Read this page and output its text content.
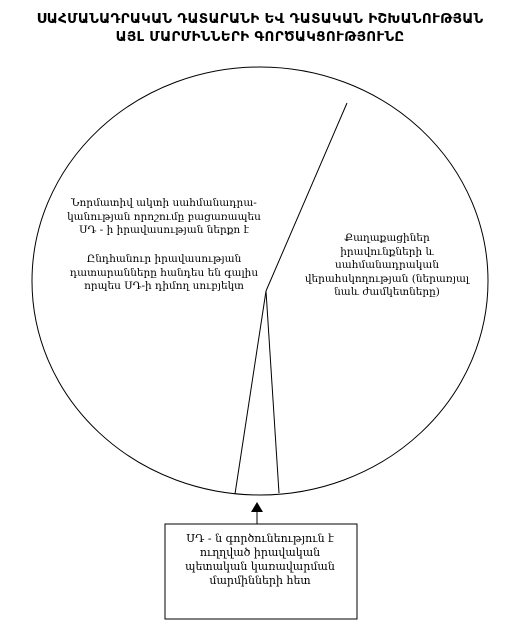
ՍԱՀՄԱՆԱԴՐԱԿԱՆ ԴԱՏԱՐԱՆԻ ԵՎ ԴԱՏԱԿԱՆ ԻՇԽԱՆՈՒԹՅԱՆ
ԱՅԼ ՄԱՐՄԻՆՆԵՐԻ ԳՈՐԾԱԿՑՈՒԹՅՈՒՆԸ
Նորմատիվ ակտի սահմանադրա-
կանության որոշումը բացառապես
ՍԴ - ի իրավասության ներքո է
Ընդհանուր իրավասության
դատարանները հանդես են գալիս
որպես ՍԴ-ի դիմող սուբյեկտ
Քաղաքացիներ
իրավունքների և
սահմանադրական
վերահսկողության (ներառյալ
նաև ժամկետները)
ՍԴ - ն գործունեություն է
ուղղված իրավական
պետական կառավարման
մարմինների հետ
